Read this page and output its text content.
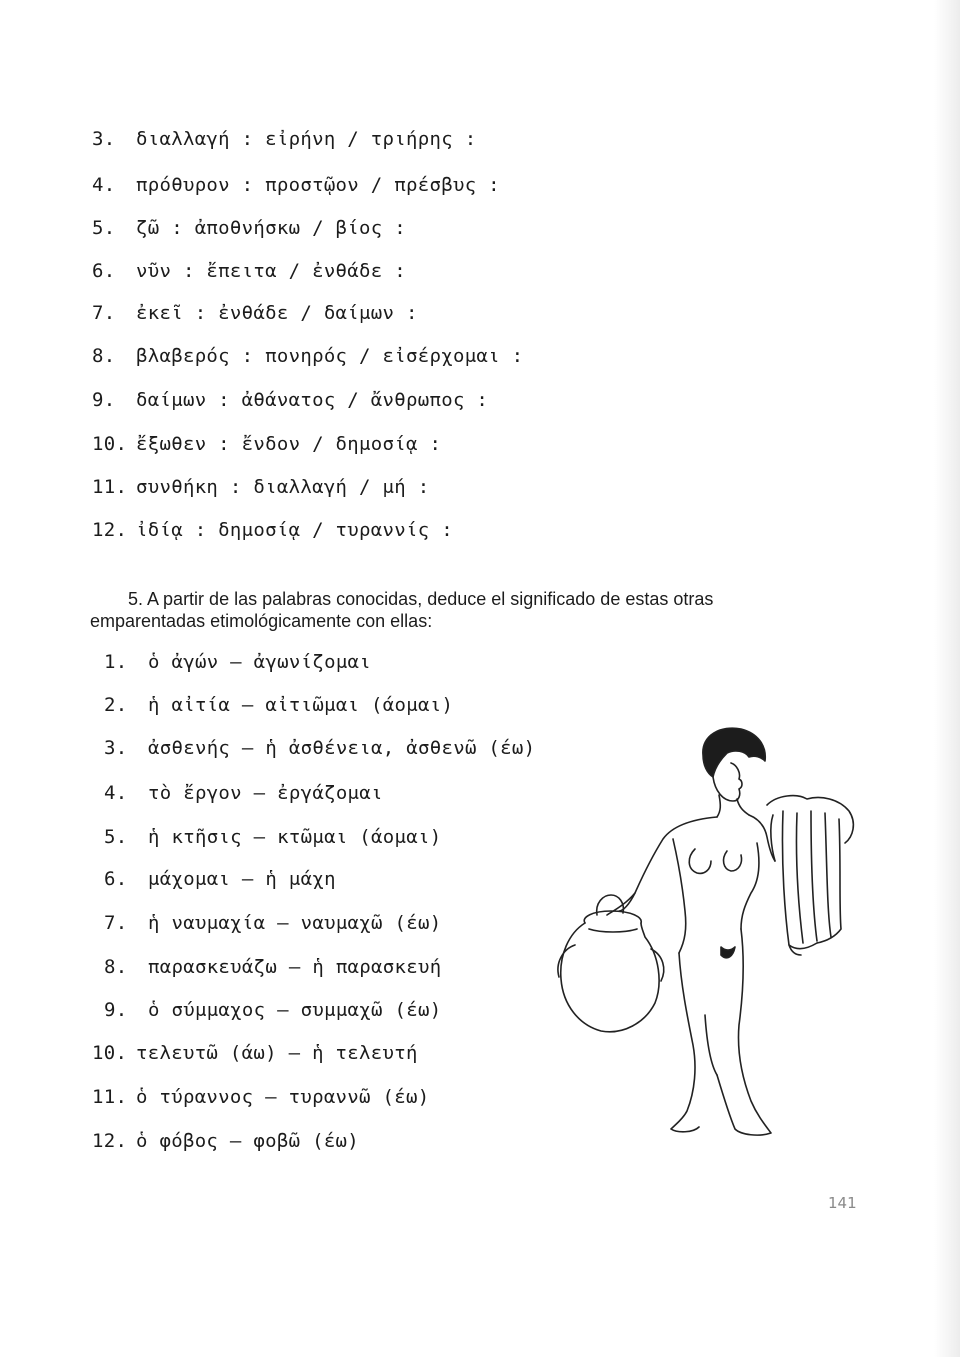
3. διαλλαγή : εἰρήνη / τριήρης :
4. πρόθυρον : προστῷον / πρέσβυς :
5. ζῶ : ἀποθνήσκω / βίος :
6. νῦν : ἔπειτα / ἐνθάδε :
7. ἐκεῖ : ἐνθάδε / δαίμων :
8. βλαβερός : πονηρός / εἰσέρχομαι :
9. δαίμων : ἀθάνατος / ἄνθρωπος :
10. ἔξωθεν : ἔνδον / δημοσίᾳ :
11. συνθήκη : διαλλαγή / μή :
12. ἰδίᾳ : δημοσίᾳ / τυραννίς :
5. A partir de las palabras conocidas, deduce el significado de estas otras emparentadas etimológicamente con ellas:
1. ὁ ἀγών – ἀγωνίζομαι
2. ἡ αἰτία – αἰτιῶμαι (άομαι)
3. ἀσθενής – ἡ ἀσθένεια, ἀσθενῶ (έω)
4. τὸ ἔργον – ἐργάζομαι
5. ἡ κτῆσις – κτῶμαι (άομαι)
6. μάχομαι – ἡ μάχη
7. ἡ ναυμαχία – ναυμαχῶ (έω)
8. παρασκευάζω – ἡ παρασκευή
9. ὁ σύμμαχος – συμμαχῶ (έω)
10. τελευτῶ (άω) – ἡ τελευτή
11. ὁ τύραννος – τυραννῶ (έω)
12. ὁ φόβος – φοβῶ (έω)
141
